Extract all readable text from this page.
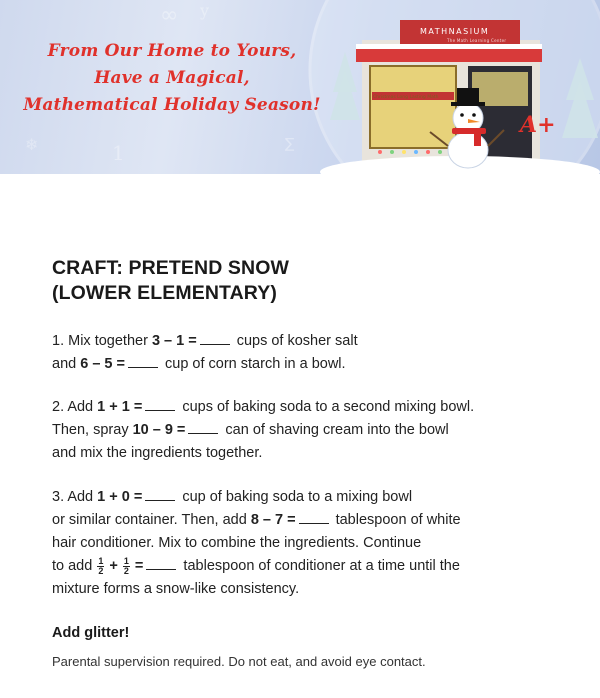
∞ y
1	∑
❄
A+
From Our Home to Yours,
Have a Magical,
Mathematical Holiday Season!
MATHNASIUM
The Math Learning Center
Christmas Long Lasting Math
CRAFT: PRETEND SNOW
(LOWER ELEMENTARY)
1. Mix together 3 – 1 = cups of kosher salt
and 6 – 5 = cup of corn starch in a bowl.
2. Add 1 + 1 = cups of baking soda to a second mixing bowl.
Then, spray 10 – 9 = can of shaving cream into the bowl
and mix the ingredients together.
3. Add 1 + 0 = cup of baking soda to a mixing bowl
or similar container. Then, add 8 – 7 = tablespoon of white
hair conditioner. Mix to combine the ingredients. Continue
to add $\frac{1}{2} + \frac{1}{2}$ = tablespoon of conditioner at a time until the
mixture forms a snow-like consistency.
Add glitter!
Parental supervision required. Do not eat, and avoid eye contact.
